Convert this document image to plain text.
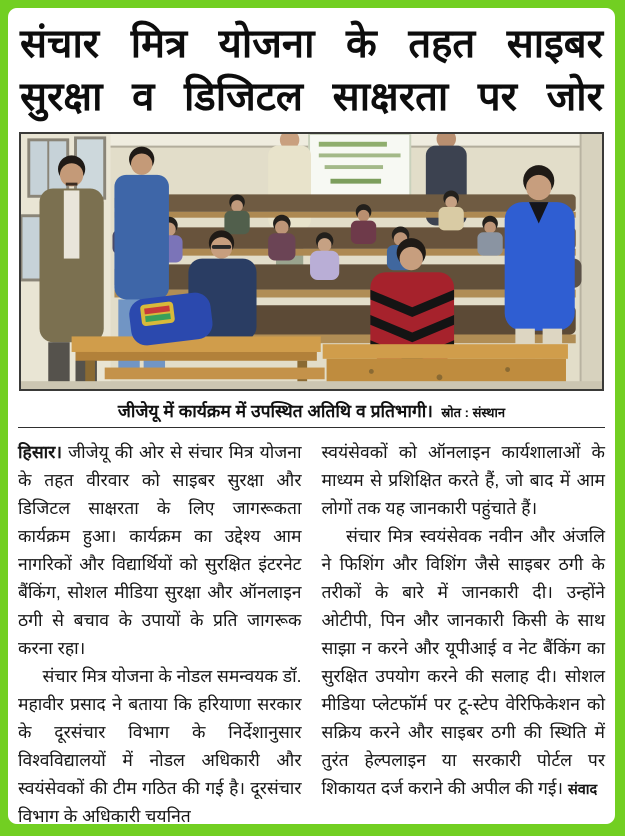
संचार मित्र योजना के तहत साइबर
सुरक्षा व डिजिटल साक्षरता पर जोर
जीजेयू में कार्यक्रम में उपस्थित अतिथि व प्रतिभागी। स्रोत : संस्थान

हिसार। जीजेयू की ओर से संचार मित्र योजना के तहत वीरवार को साइबर सुरक्षा और डिजिटल साक्षरता के लिए जागरूकता कार्यक्रम हुआ। कार्यक्रम का उद्देश्य आम नागरिकों और विद्यार्थियों को सुरक्षित इंटरनेट बैंकिंग, सोशल मीडिया सुरक्षा और ऑनलाइन ठगी से बचाव के उपायों के प्रति जागरूक करना रहा।

संचार मित्र योजना के नोडल समन्वयक डॉ. महावीर प्रसाद ने बताया कि हरियाणा सरकार के दूरसंचार विभाग के निर्देशानुसार विश्वविद्यालयों में नोडल अधिकारी और स्वयंसेवकों की टीम गठित की गई है। दूरसंचार विभाग के अधिकारी चयनित

स्वयंसेवकों को ऑनलाइन कार्यशालाओं के माध्यम से प्रशिक्षित करते हैं, जो बाद में आम लोगों तक यह जानकारी पहुंचाते हैं।

संचार मित्र स्वयंसेवक नवीन और अंजलि ने फिशिंग और विशिंग जैसे साइबर ठगी के तरीकों के बारे में जानकारी दी। उन्होंने ओटीपी, पिन और जानकारी किसी के साथ साझा न करने और यूपीआई व नेट बैंकिंग का सुरक्षित उपयोग करने की सलाह दी। सोशल मीडिया प्लेटफॉर्म पर टू-स्टेप वेरिफिकेशन को सक्रिय करने और साइबर ठगी की स्थिति में तुरंत हेल्पलाइन या सरकारी पोर्टल पर शिकायत दर्ज कराने की अपील की गई। संवाद
